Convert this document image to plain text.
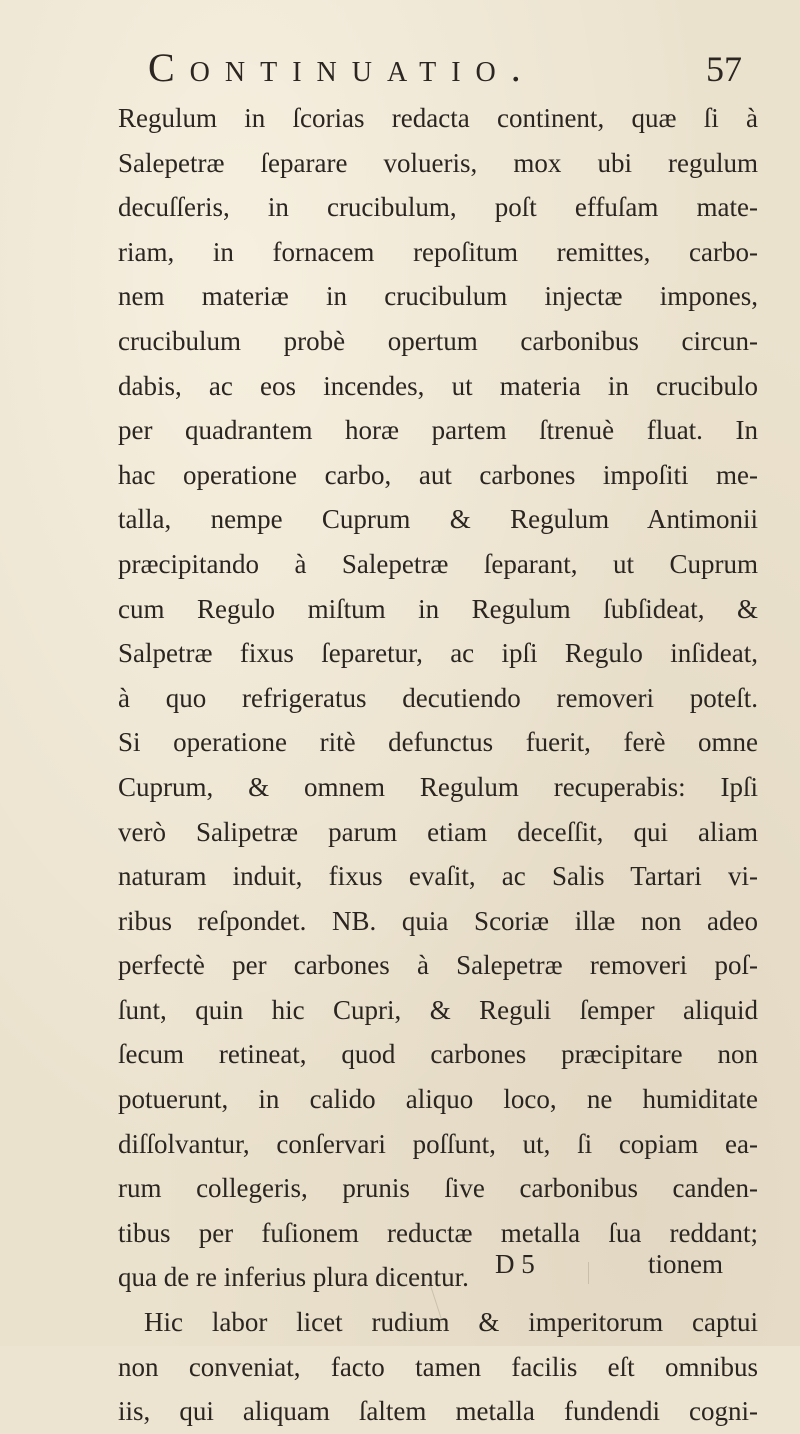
Continuatio.	57
Regulum in ſcorias redacta continent, quæ ſi à
Salepetræ ſeparare volueris, mox ubi regulum
decuſſeris, in crucibulum, poſt effuſam mate-
riam, in fornacem repoſitum remittes, carbo-
nem materiæ in crucibulum injectæ impones,
crucibulum probè opertum carbonibus circun-
dabis, ac eos incendes, ut materia in crucibulo
per quadrantem horæ partem ſtrenuè fluat. In
hac operatione carbo, aut carbones impoſiti me-
talla, nempe Cuprum & Regulum Antimonii
præcipitando à Salepetræ ſeparant, ut Cuprum
cum Regulo miſtum in Regulum ſubſideat, &
Salpetræ fixus ſeparetur, ac ipſi Regulo inſideat,
à quo refrigeratus decutiendo removeri poteſt.
Si operatione ritè defunctus fuerit, ferè omne
Cuprum, & omnem Regulum recuperabis: Ipſi
verò Salipetræ parum etiam deceſſit, qui aliam
naturam induit, fixus evaſit, ac Salis Tartari vi-
ribus reſpondet. NB. quia Scoriæ illæ non adeo
perfectè per carbones à Salepetræ removeri poſ-
ſunt, quin hic Cupri, & Reguli ſemper aliquid
ſecum retineat, quod carbones præcipitare non
potuerunt, in calido aliquo loco, ne humiditate
diſſolvantur, conſervari poſſunt, ut, ſi copiam ea-
rum collegeris, prunis ſive carbonibus canden-
tibus per fuſionem reductæ metalla ſua reddant;
qua de re inferius plura dicentur.
Hic labor licet rudium & imperitorum captui
non conveniat, facto tamen facilis eſt omnibus
iis, qui aliquam ſaltem metalla fundendi cogni-
D 5	tionem
